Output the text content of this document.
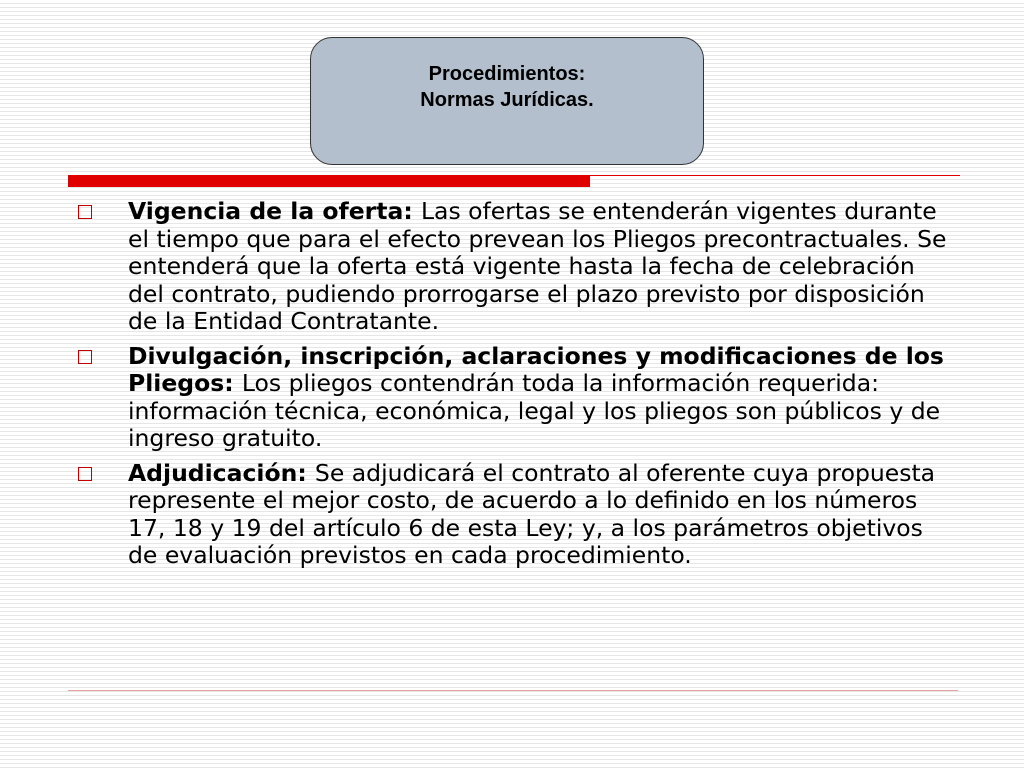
Procedimientos:
Normas Jurídicas.
Vigencia de la oferta: Las ofertas se entenderán vigentes durante el tiempo que para el efecto prevean los Pliegos precontractuales. Se entenderá que la oferta está vigente hasta la fecha de celebración del contrato, pudiendo prorrogarse el plazo previsto por disposición de la Entidad Contratante.
Divulgación, inscripción, aclaraciones y modificaciones de los Pliegos: Los pliegos contendrán toda la información requerida: información técnica, económica, legal y los pliegos son públicos y de ingreso gratuito.
Adjudicación: Se adjudicará el contrato al oferente cuya propuesta represente el mejor costo, de acuerdo a lo definido en los números 17, 18 y 19 del artículo 6 de esta Ley; y, a los parámetros objetivos de evaluación previstos en cada procedimiento.
